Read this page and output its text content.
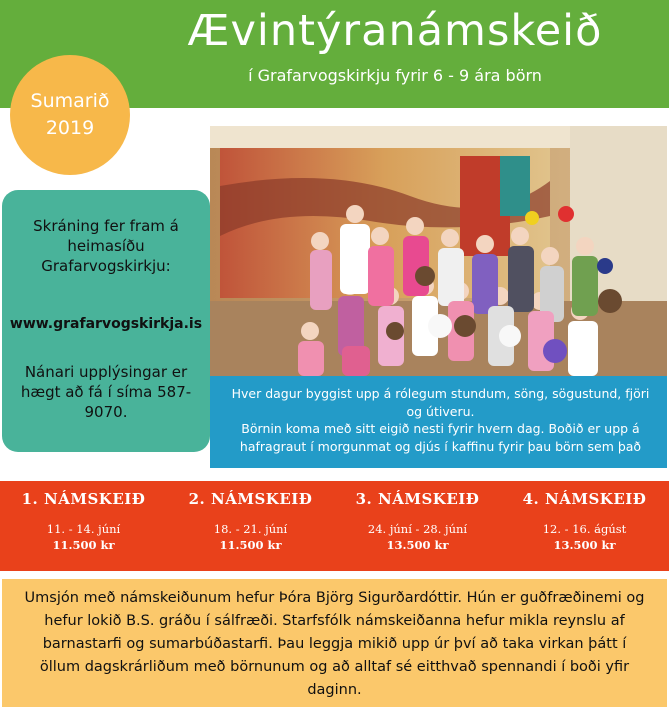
Ævintýranámskeið
í Grafarvogskirkju fyrir 6 - 9 ára börn
Sumarið
2019
Skráning fer fram á heimasíðu Grafarvogskirkju:
www.grafarvogskirkja.is
Nánari upplýsingar er hægt að fá í síma 587-9070.

Hver dagur byggist upp á rólegum stundum, söng, sögustund, fjöri og útiveru.

Börnin koma með sitt eigið nesti fyrir hvern dag. Boðið er upp á hafragraut í morgunmat og djús í kaffinu fyrir þau börn sem það

1. NÁMSKEIÐ
11. - 14. júní
11.500 kr
2. NÁMSKEIÐ
18. - 21. júní
11.500 kr
3. NÁMSKEIÐ
24. júní - 28. júní
13.500 kr
4. NÁMSKEIÐ
12. - 16. ágúst
13.500 kr

Umsjón með námskeiðunum hefur Þóra Björg Sigurðardóttir. Hún er guðfræðinemi og hefur lokið B.S. gráðu í sálfræði. Starfsfólk námskeiðanna hefur mikla reynslu af barnastarfi og sumarbúðastarfi. Þau leggja mikið upp úr því að taka virkan þátt í öllum dagskrárliðum með börnunum og að alltaf sé eitthvað spennandi í boði yfir daginn.
